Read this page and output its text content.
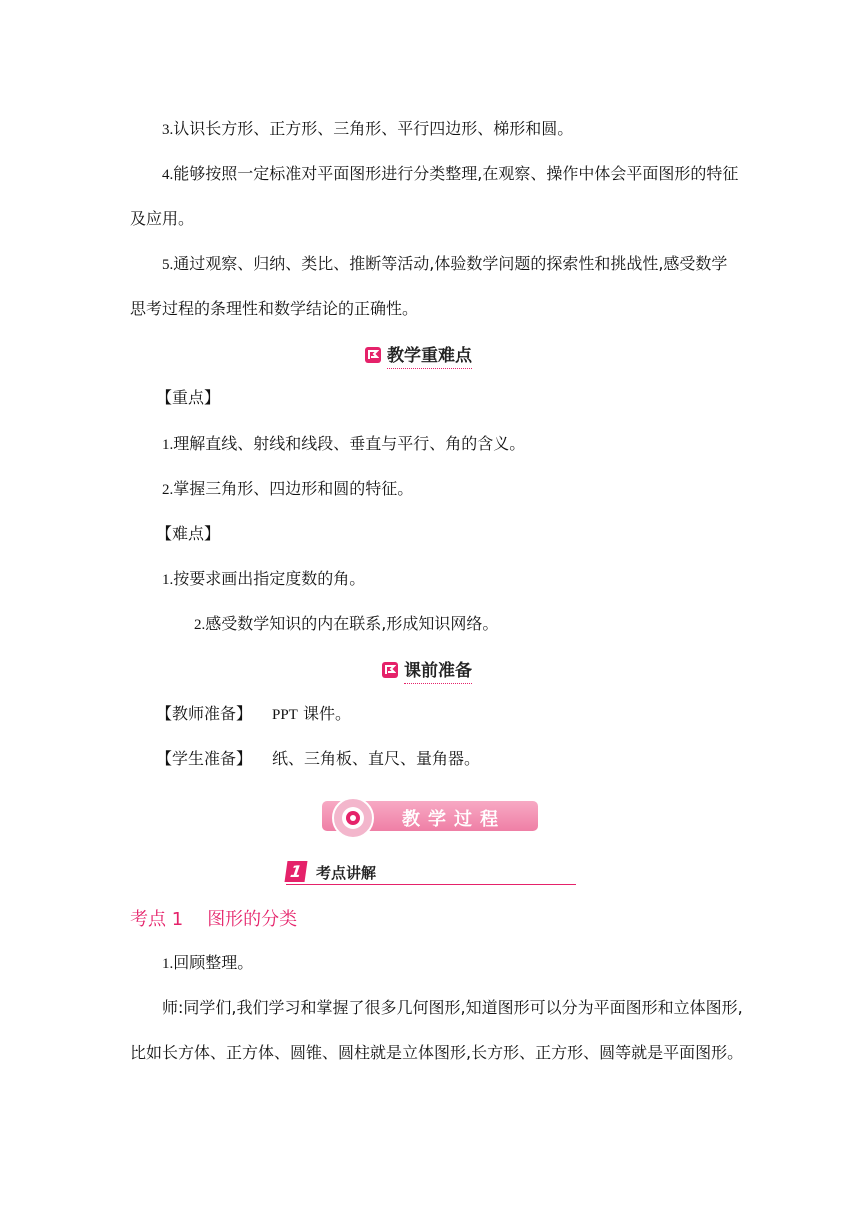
3.认识长方形、正方形、三角形、平行四边形、梯形和圆。
4.能够按照一定标准对平面图形进行分类整理,在观察、操作中体会平面图形的特征
及应用。
5.通过观察、归纳、类比、推断等活动,体验数学问题的探索性和挑战性,感受数学
思考过程的条理性和数学结论的正确性。
教学重难点
【重点】
1.理解直线、射线和线段、垂直与平行、角的含义。
2.掌握三角形、四边形和圆的特征。
【难点】
1.按要求画出指定度数的角。
2.感受数学知识的内在联系,形成知识网络。
课前准备
【教师准备】 PPT 课件。
【学生准备】 纸、三角板、直尺、量角器。
教学过程
1 考点讲解
考点 1 图形的分类
1.回顾整理。
师:同学们,我们学习和掌握了很多几何图形,知道图形可以分为平面图形和立体图形,
比如长方体、正方体、圆锥、圆柱就是立体图形,长方形、正方形、圆等就是平面图形。
